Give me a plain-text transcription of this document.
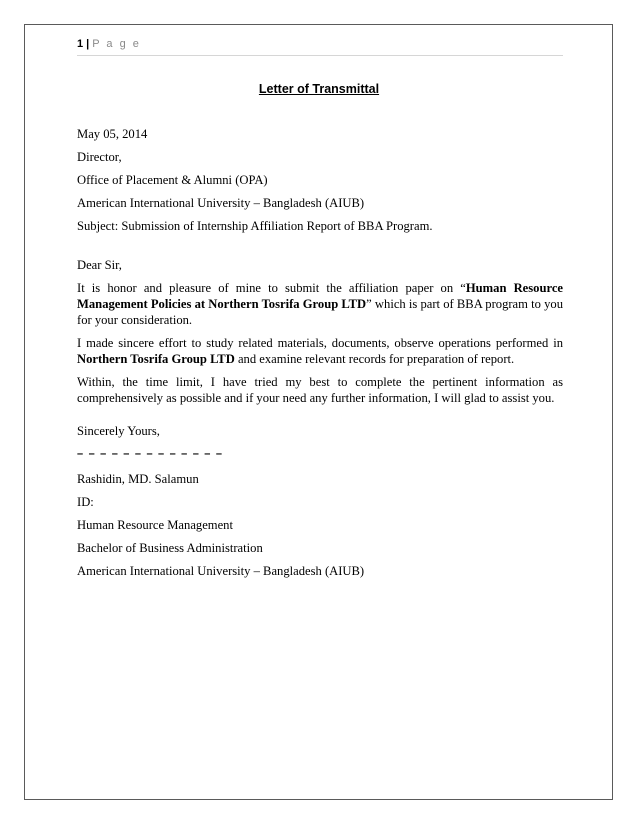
1 | P a g e
Letter of Transmittal
May 05, 2014
Director,
Office of Placement & Alumni (OPA)
American International University – Bangladesh (AIUB)
Subject: Submission of Internship Affiliation Report of BBA Program.
Dear Sir,

It is honor and pleasure of mine to submit the affiliation paper on “Human Resource Management Policies at Northern Tosrifa Group LTD” which is part of BBA program to you for your consideration.

I made sincere effort to study related materials, documents, observe operations performed in Northern Tosrifa Group LTD and examine relevant records for preparation of report.

Within, the time limit, I have tried my best to complete the pertinent information as comprehensively as possible and if your need any further information, I will glad to assist you.

Sincerely Yours,
– – – – – – – – – – – – –
Rashidin, MD. Salamun
ID:
Human Resource Management
Bachelor of Business Administration
American International University – Bangladesh (AIUB)
